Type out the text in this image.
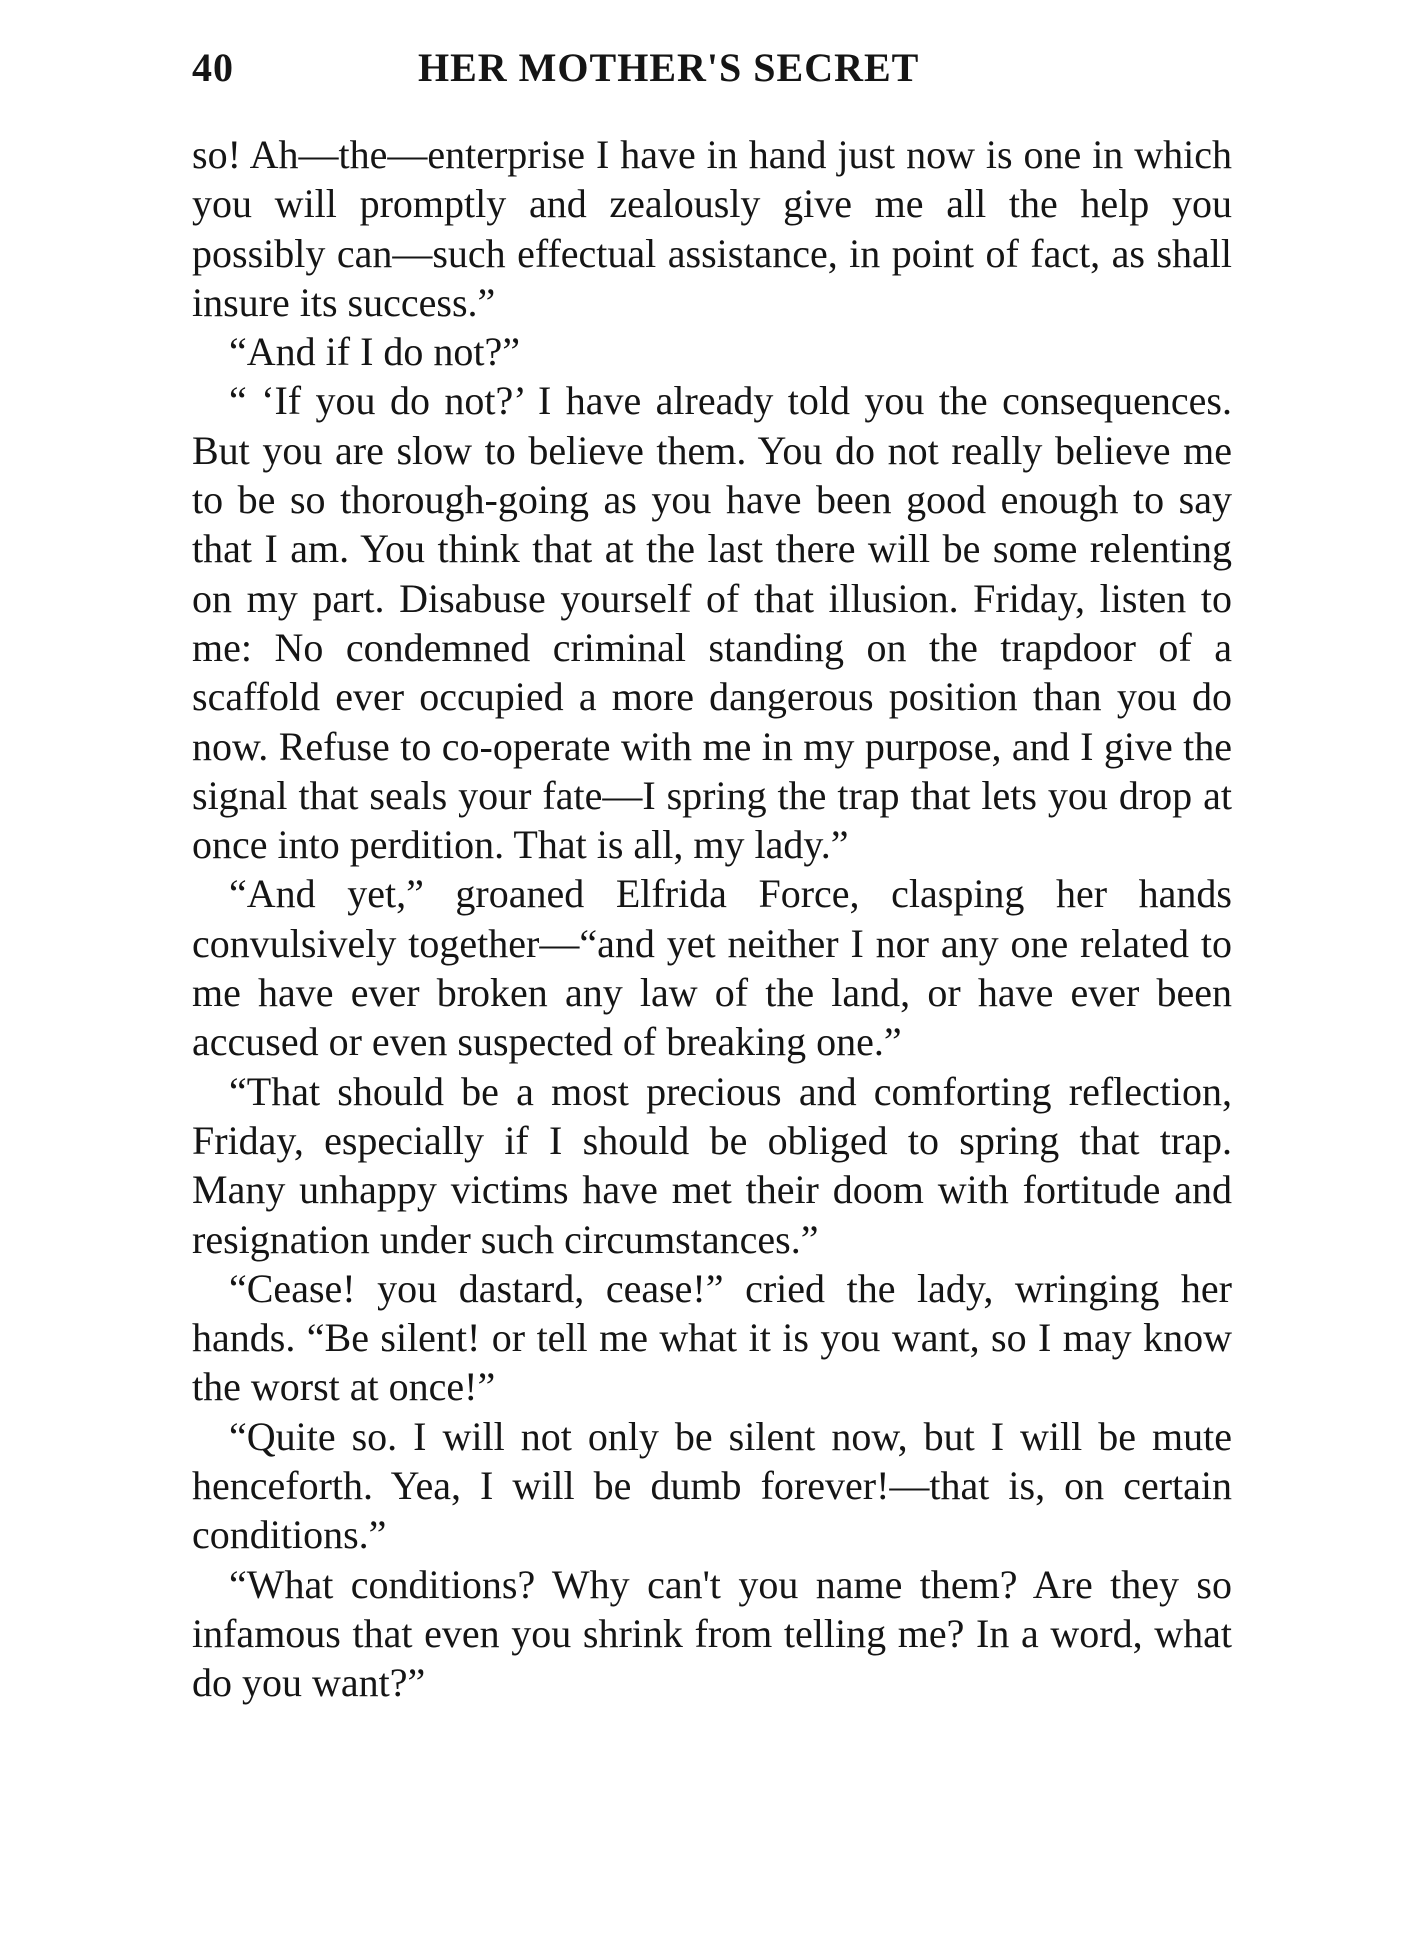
40	HER MOTHER'S SECRET

so! Ah—the—enterprise I have in hand just now is one in which you will promptly and zealously give me all the help you possibly can—such effectual assistance, in point of fact, as shall insure its success.”

“And if I do not?”

“ ‘If you do not?’ I have already told you the consequences. But you are slow to believe them. You do not really believe me to be so thorough-going as you have been good enough to say that I am. You think that at the last there will be some relenting on my part. Disabuse yourself of that illusion. Friday, listen to me: No condemned criminal standing on the trapdoor of a scaffold ever occupied a more dangerous position than you do now. Refuse to co-operate with me in my purpose, and I give the signal that seals your fate—I spring the trap that lets you drop at once into perdition. That is all, my lady.”

“And yet,” groaned Elfrida Force, clasping her hands convulsively together—“and yet neither I nor any one related to me have ever broken any law of the land, or have ever been accused or even suspected of breaking one.”

“That should be a most precious and comforting reflection, Friday, especially if I should be obliged to spring that trap. Many unhappy victims have met their doom with fortitude and resignation under such circumstances.”

“Cease! you dastard, cease!” cried the lady, wringing her hands. “Be silent! or tell me what it is you want, so I may know the worst at once!”

“Quite so. I will not only be silent now, but I will be mute henceforth. Yea, I will be dumb forever!—that is, on certain conditions.”

“What conditions? Why can't you name them? Are they so infamous that even you shrink from telling me? In a word, what do you want?”
